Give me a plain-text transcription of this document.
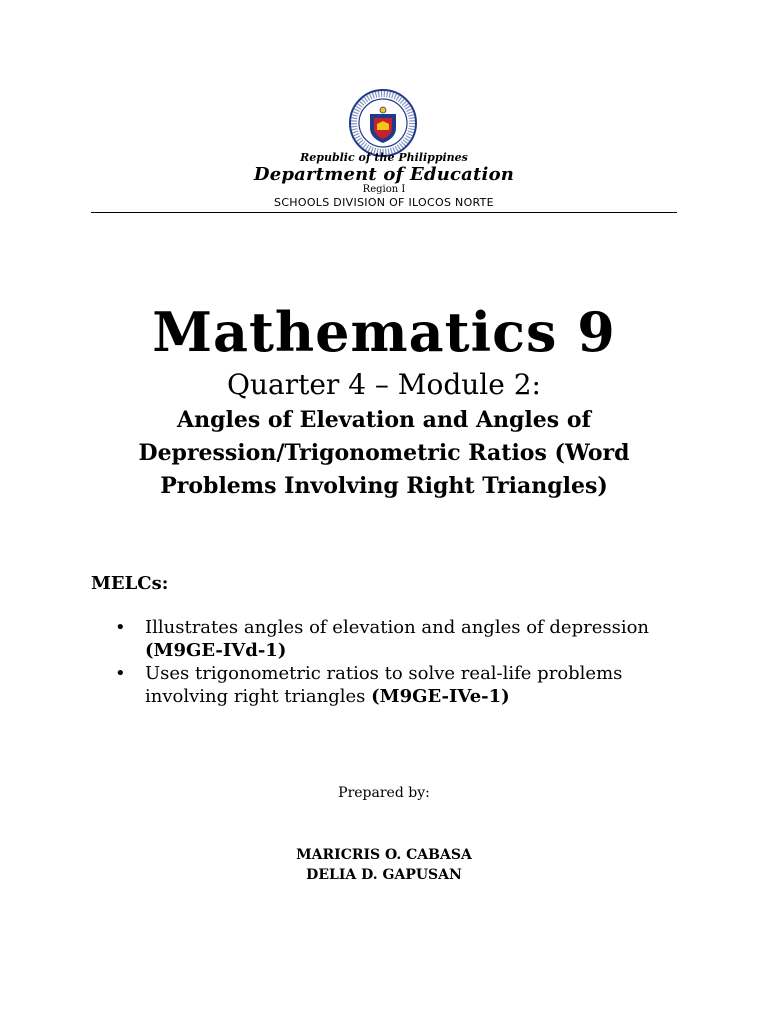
Republic of the Philippines
Department of Education
Region I
SCHOOLS DIVISION OF ILOCOS NORTE
Mathematics 9
Quarter 4 – Module 2:
Angles of Elevation and Angles of Depression/Trigonometric Ratios (Word Problems Involving Right Triangles)
MELCs:
• Illustrates angles of elevation and angles of depression (M9GE-IVd-1)
• Uses trigonometric ratios to solve real-life problems involving right triangles (M9GE-IVe-1)
Prepared by:
MARICRIS O. CABASA
DELIA D. GAPUSAN
